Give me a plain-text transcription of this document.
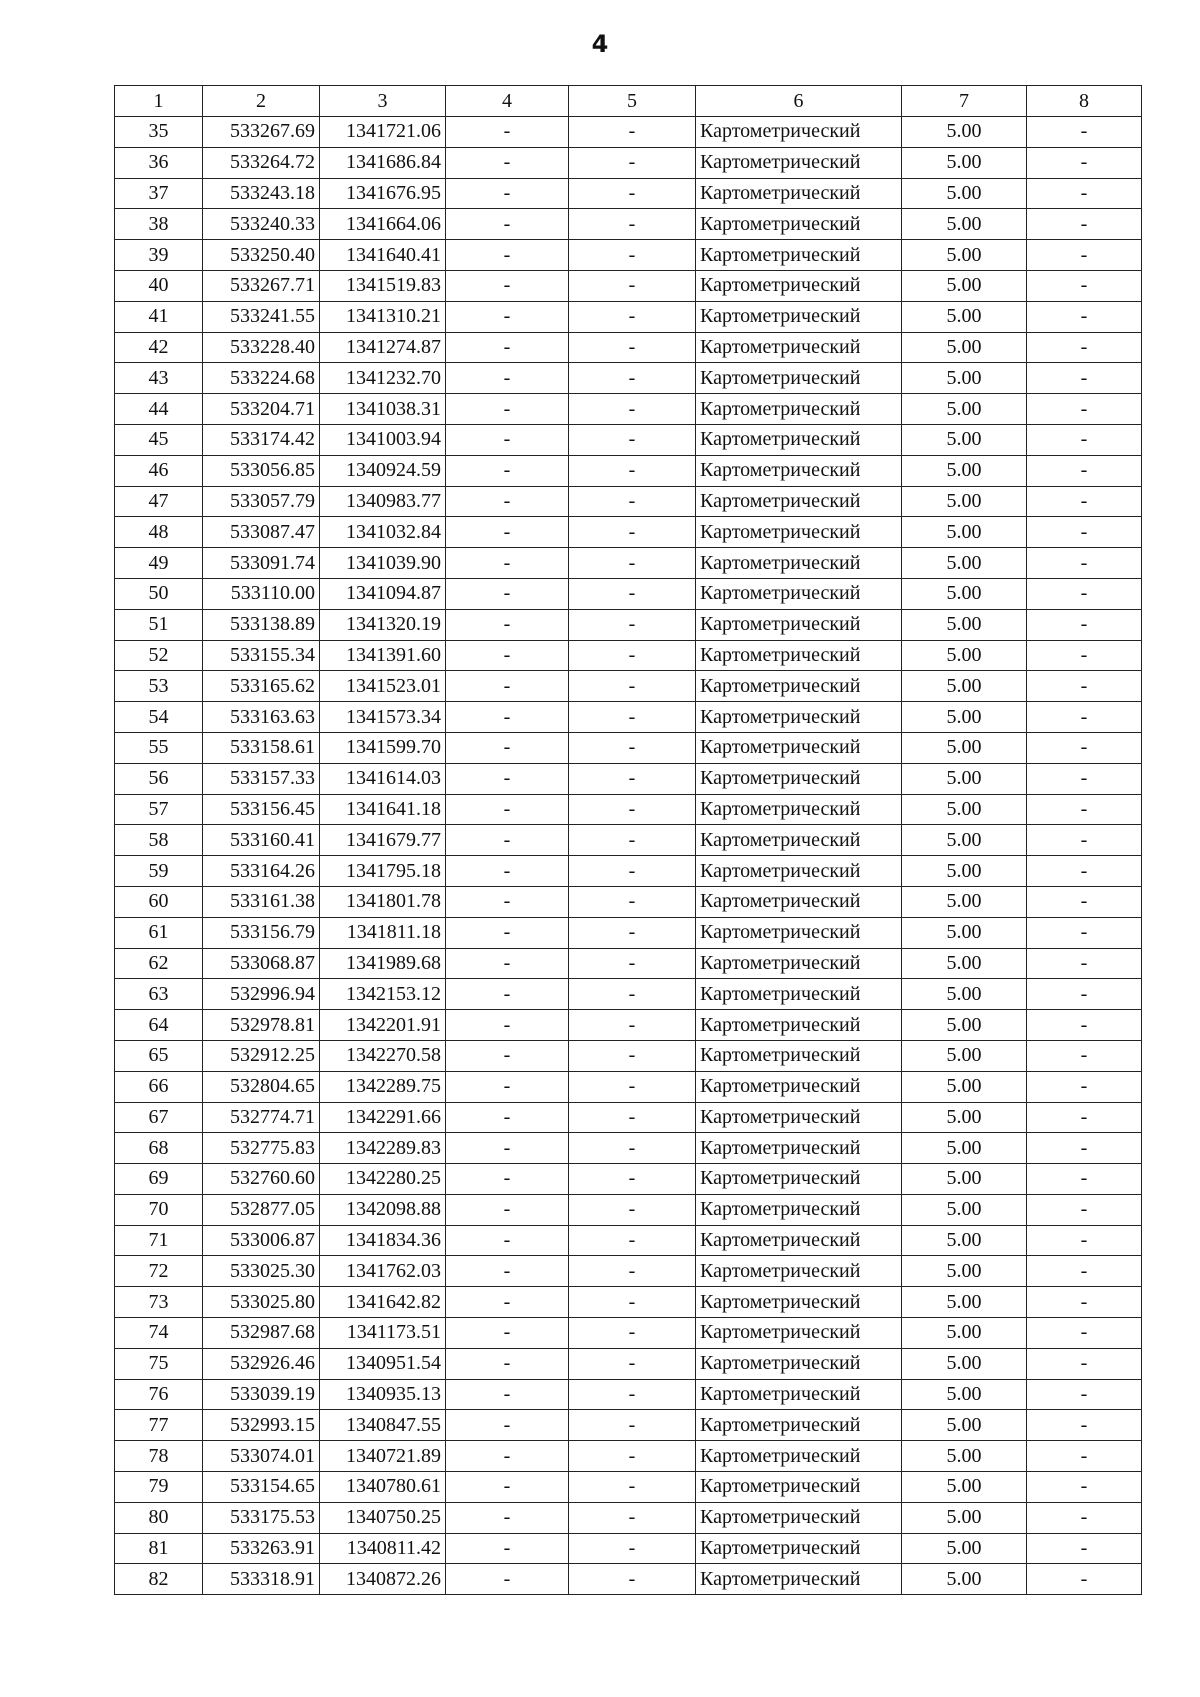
4
1	2	3	4	5	6	7	8
35	533267.69	1341721.06	-	-	Картометрический	5.00	-
36	533264.72	1341686.84	-	-	Картометрический	5.00	-
37	533243.18	1341676.95	-	-	Картометрический	5.00	-
38	533240.33	1341664.06	-	-	Картометрический	5.00	-
39	533250.40	1341640.41	-	-	Картометрический	5.00	-
40	533267.71	1341519.83	-	-	Картометрический	5.00	-
41	533241.55	1341310.21	-	-	Картометрический	5.00	-
42	533228.40	1341274.87	-	-	Картометрический	5.00	-
43	533224.68	1341232.70	-	-	Картометрический	5.00	-
44	533204.71	1341038.31	-	-	Картометрический	5.00	-
45	533174.42	1341003.94	-	-	Картометрический	5.00	-
46	533056.85	1340924.59	-	-	Картометрический	5.00	-
47	533057.79	1340983.77	-	-	Картометрический	5.00	-
48	533087.47	1341032.84	-	-	Картометрический	5.00	-
49	533091.74	1341039.90	-	-	Картометрический	5.00	-
50	533110.00	1341094.87	-	-	Картометрический	5.00	-
51	533138.89	1341320.19	-	-	Картометрический	5.00	-
52	533155.34	1341391.60	-	-	Картометрический	5.00	-
53	533165.62	1341523.01	-	-	Картометрический	5.00	-
54	533163.63	1341573.34	-	-	Картометрический	5.00	-
55	533158.61	1341599.70	-	-	Картометрический	5.00	-
56	533157.33	1341614.03	-	-	Картометрический	5.00	-
57	533156.45	1341641.18	-	-	Картометрический	5.00	-
58	533160.41	1341679.77	-	-	Картометрический	5.00	-
59	533164.26	1341795.18	-	-	Картометрический	5.00	-
60	533161.38	1341801.78	-	-	Картометрический	5.00	-
61	533156.79	1341811.18	-	-	Картометрический	5.00	-
62	533068.87	1341989.68	-	-	Картометрический	5.00	-
63	532996.94	1342153.12	-	-	Картометрический	5.00	-
64	532978.81	1342201.91	-	-	Картометрический	5.00	-
65	532912.25	1342270.58	-	-	Картометрический	5.00	-
66	532804.65	1342289.75	-	-	Картометрический	5.00	-
67	532774.71	1342291.66	-	-	Картометрический	5.00	-
68	532775.83	1342289.83	-	-	Картометрический	5.00	-
69	532760.60	1342280.25	-	-	Картометрический	5.00	-
70	532877.05	1342098.88	-	-	Картометрический	5.00	-
71	533006.87	1341834.36	-	-	Картометрический	5.00	-
72	533025.30	1341762.03	-	-	Картометрический	5.00	-
73	533025.80	1341642.82	-	-	Картометрический	5.00	-
74	532987.68	1341173.51	-	-	Картометрический	5.00	-
75	532926.46	1340951.54	-	-	Картометрический	5.00	-
76	533039.19	1340935.13	-	-	Картометрический	5.00	-
77	532993.15	1340847.55	-	-	Картометрический	5.00	-
78	533074.01	1340721.89	-	-	Картометрический	5.00	-
79	533154.65	1340780.61	-	-	Картометрический	5.00	-
80	533175.53	1340750.25	-	-	Картометрический	5.00	-
81	533263.91	1340811.42	-	-	Картометрический	5.00	-
82	533318.91	1340872.26	-	-	Картометрический	5.00	-
